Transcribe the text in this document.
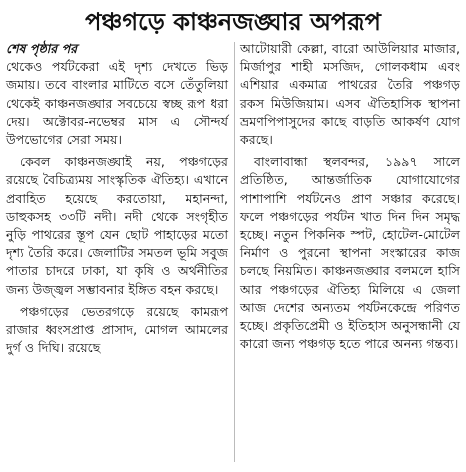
পঞ্চগড়ে কাঞ্চনজঙ্ঘার অপরূপ
শেষ পৃষ্ঠার পর
থেকেও পর্যটকেরা এই দৃশ্য দেখতে ভিড় জমায়। তবে বাংলার মাটিতে বসে তেঁতুলিয়া থেকেই কাঞ্চনজঙ্ঘার সবচেয়ে স্বচ্ছ রূপ ধরা দেয়। অক্টোবর-নভেম্বর মাস এ সৌন্দর্য উপভোগের সেরা সময়।
কেবল কাঞ্চনজঙ্ঘাই নয়, পঞ্চগড়ের রয়েছে বৈচিত্র্যময় সাংস্কৃতিক ঐতিহ্য। এখানে প্রবাহিত হয়েছে করতোয়া, মহানন্দা, ডাহুকসহ ৩৩টি নদী। নদী থেকে সংগৃহীত নুড়ি পাথরের স্তূপ যেন ছোট পাহাড়ের মতো দৃশ্য তৈরি করে। জেলাটির সমতল ভূমি সবুজ পাতার চাদরে ঢাকা, যা কৃষি ও অর্থনীতির জন্য উজ্জ্বল সম্ভাবনার ইঙ্গিত বহন করছে।
পঞ্চগড়ের ভেতরগড়ে রয়েছে কামরূপ রাজার ধ্বংসপ্রাপ্ত প্রাসাদ, মোগল আমলের দুর্গ ও দিঘি। রয়েছে
আটোয়ারী কেল্লা, বারো আউলিয়ার মাজার, মির্জাপুর শাহী মসজিদ, গোলকধাম এবং এশিয়ার একমাত্র পাথরের তৈরি পঞ্চগড় রকস মিউজিয়াম। এসব ঐতিহাসিক স্থাপনা ভ্রমণপিপাসুদের কাছে বাড়তি আকর্ষণ যোগ করছে।
বাংলাবান্ধা স্থলবন্দর, ১৯৯৭ সালে প্রতিষ্ঠিত, আন্তর্জাতিক যোগাযোগের পাশাপাশি পর্যটনেও প্রাণ সঞ্চার করেছে। ফলে পঞ্চগড়ের পর্যটন খাত দিন দিন সমৃদ্ধ হচ্ছে। নতুন পিকনিক স্পট, হোটেল-মোটেল নির্মাণ ও পুরনো স্থাপনা সংস্কারের কাজ চলছে নিয়মিত। কাঞ্চনজঙ্ঘার বলমলে হাসি আর পঞ্চগড়ের ঐতিহ্য মিলিয়ে এ জেলা আজ দেশের অন্যতম পর্যটনকেন্দ্রে পরিণত হচ্ছে। প্রকৃতিপ্রেমী ও ইতিহাস অনুসন্ধানী যে কারো জন্য পঞ্চগড় হতে পারে অনন্য গন্তব্য।
